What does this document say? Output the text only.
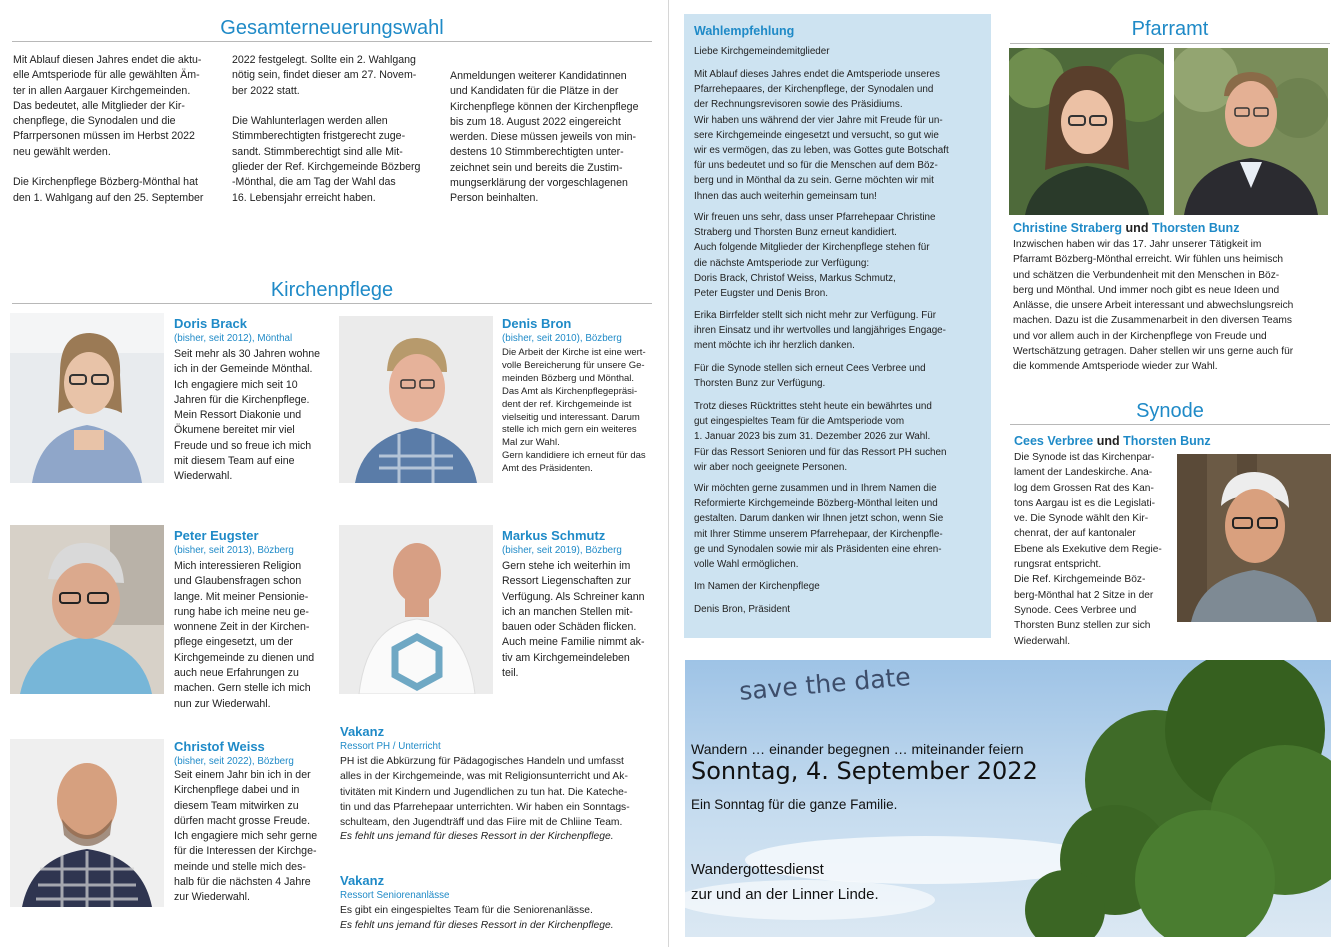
Gesamterneuerungswahl
Mit Ablauf diesen Jahres endet die aktu-
elle Amtsperiode für alle gewählten Äm-
ter in allen Aargauer Kirchgemeinden.
Das bedeutet, alle Mitglieder der Kir-
chenpflege, die Synodalen und die
Pfarrpersonen müssen im Herbst 2022
neu gewählt werden.

Die Kirchenpflege Bözberg-Mönthal hat
den 1. Wahlgang auf den 25. September
2022 festgelegt. Sollte ein 2. Wahlgang
nötig sein, findet dieser am 27. Novem-
ber 2022 statt.

Die Wahlunterlagen werden allen
Stimmberechtigten fristgerecht zuge-
sandt. Stimmberechtigt sind alle Mit-
glieder der Ref. Kirchgemeinde Bözberg
-Mönthal, die am Tag der Wahl das
16. Lebensjahr erreicht haben.
Anmeldungen weiterer Kandidatinnen
und Kandidaten für die Plätze in der
Kirchenpflege können der Kirchenpflege
bis zum 18. August 2022 eingereicht
werden. Diese müssen jeweils von min-
destens 10 Stimmberechtigten unter-
zeichnet sein und bereits die Zustim-
mungserklärung der vorgeschlagenen
Person beinhalten.
Kirchenpflege
Doris Brack
(bisher, seit 2012), Mönthal
Seit mehr als 30 Jahren wohne
ich in der Gemeinde Mönthal.
Ich engagiere mich seit 10
Jahren für die Kirchenpflege.
Mein Ressort Diakonie und
Ökumene bereitet mir viel
Freude und so freue ich mich
mit diesem Team auf eine
Wiederwahl.
Denis Bron
(bisher, seit 2010), Bözberg
Die Arbeit der Kirche ist eine wert-
volle Bereicherung für unsere Ge-
meinden Bözberg und Mönthal.
Das Amt als Kirchenpflegepräsi-
dent der ref. Kirchgemeinde ist
vielseitig und interessant. Darum
stelle ich mich gern ein weiteres
Mal zur Wahl.
Gern kandidiere ich erneut für das
Amt des Präsidenten.
Peter Eugster
(bisher, seit 2013), Bözberg
Mich interessieren Religion
und Glaubensfragen schon
lange. Mit meiner Pensionie-
rung habe ich meine neu ge-
wonnene Zeit in der Kirchen-
pflege eingesetzt, um der
Kirchgemeinde zu dienen und
auch neue Erfahrungen zu
machen. Gern stelle ich mich
nun zur Wiederwahl.
Markus Schmutz
(bisher, seit 2019), Bözberg
Gern stehe ich weiterhin im
Ressort Liegenschaften zur
Verfügung. Als Schreiner kann
ich an manchen Stellen mit-
bauen oder Schäden flicken.
Auch meine Familie nimmt ak-
tiv am Kirchgemeindeleben
teil.
Christof Weiss
(bisher, seit 2022), Bözberg
Seit einem Jahr bin ich in der
Kirchenpflege dabei und in
diesem Team mitwirken zu
dürfen macht grosse Freude.
Ich engagiere mich sehr gerne
für die Interessen der Kirchge-
meinde und stelle mich des-
halb für die nächsten 4 Jahre
zur Wiederwahl.
Vakanz
Ressort PH / Unterricht
PH ist die Abkürzung für Pädagogisches Handeln und umfasst
alles in der Kirchgemeinde, was mit Religionsunterricht und Ak-
tivitäten mit Kindern und Jugendlichen zu tun hat. Die Kateche-
tin und das Pfarrehepaar unterrichten. Wir haben ein Sonntags-
schulteam, den Jugendträff und das Fiire mit de Chliine Team.
Es fehlt uns jemand für dieses Ressort in der Kirchenpflege.
Vakanz
Ressort Seniorenanlässe
Es gibt ein eingespieltes Team für die Seniorenanlässe.
Es fehlt uns jemand für dieses Ressort in der Kirchenpflege.
Wahlempfehlung
Liebe Kirchgemeindemitglieder
Mit Ablauf dieses Jahres endet die Amtsperiode unseres
Pfarrehepaares, der Kirchenpflege, der Synodalen und
der Rechnungsrevisoren sowie des Präsidiums.
Wir haben uns während der vier Jahre mit Freude für un-
sere Kirchgemeinde eingesetzt und versucht, so gut wie
wir es vermögen, das zu leben, was Gottes gute Botschaft
für uns bedeutet und so für die Menschen auf dem Böz-
berg und in Mönthal da zu sein. Gerne möchten wir mit
Ihnen das auch weiterhin gemeinsam tun!
Wir freuen uns sehr, dass unser Pfarrehepaar Christine
Straberg und Thorsten Bunz erneut kandidiert.
Auch folgende Mitglieder der Kirchenpflege stehen für
die nächste Amtsperiode zur Verfügung:
Doris Brack, Christof Weiss, Markus Schmutz,
Peter Eugster und Denis Bron.
Erika Birrfelder stellt sich nicht mehr zur Verfügung. Für
ihren Einsatz und ihr wertvolles und langjähriges Engage-
ment möchte ich ihr herzlich danken.
Für die Synode stellen sich erneut Cees Verbree und
Thorsten Bunz zur Verfügung.
Trotz dieses Rücktrittes steht heute ein bewährtes und
gut eingespieltes Team für die Amtsperiode vom
1. Januar 2023 bis zum 31. Dezember 2026 zur Wahl.
Für das Ressort Senioren und für das Ressort PH suchen
wir aber noch geeignete Personen.
Wir möchten gerne zusammen und in Ihrem Namen die
Reformierte Kirchgemeinde Bözberg-Mönthal leiten und
gestalten. Darum danken wir Ihnen jetzt schon, wenn Sie
mit Ihrer Stimme unserem Pfarrehepaar, der Kirchenpfle-
ge und Synodalen sowie mir als Präsidenten eine ehren-
volle Wahl ermöglichen.
Im Namen der Kirchenpflege
Denis Bron, Präsident
Pfarramt
Christine Straberg und Thorsten Bunz
Inzwischen haben wir das 17. Jahr unserer Tätigkeit im
Pfarramt Bözberg-Mönthal erreicht. Wir fühlen uns heimisch
und schätzen die Verbundenheit mit den Menschen in Böz-
berg und Mönthal. Und immer noch gibt es neue Ideen und
Anlässe, die unsere Arbeit interessant und abwechslungsreich
machen. Dazu ist die Zusammenarbeit in den diversen Teams
und vor allem auch in der Kirchenpflege von Freude und
Wertschätzung getragen. Daher stellen wir uns gerne auch für
die kommende Amtsperiode wieder zur Wahl.
Synode
Cees Verbree und Thorsten Bunz
Die Synode ist das Kirchenpar-
lament der Landeskirche. Ana-
log dem Grossen Rat des Kan-
tons Aargau ist es die Legislati-
ve. Die Synode wählt den Kir-
chenrat, der auf kantonaler
Ebene als Exekutive dem Regie-
rungsrat entspricht.
Die Ref. Kirchgemeinde Böz-
berg-Mönthal hat 2 Sitze in der
Synode. Cees Verbree und
Thorsten Bunz stellen zur sich
Wiederwahl.
save the date
Wandern … einander begegnen … miteinander feiern
Sonntag, 4. September 2022
Ein Sonntag für die ganze Familie.
Wandergottesdienst
zur und an der Linner Linde.
